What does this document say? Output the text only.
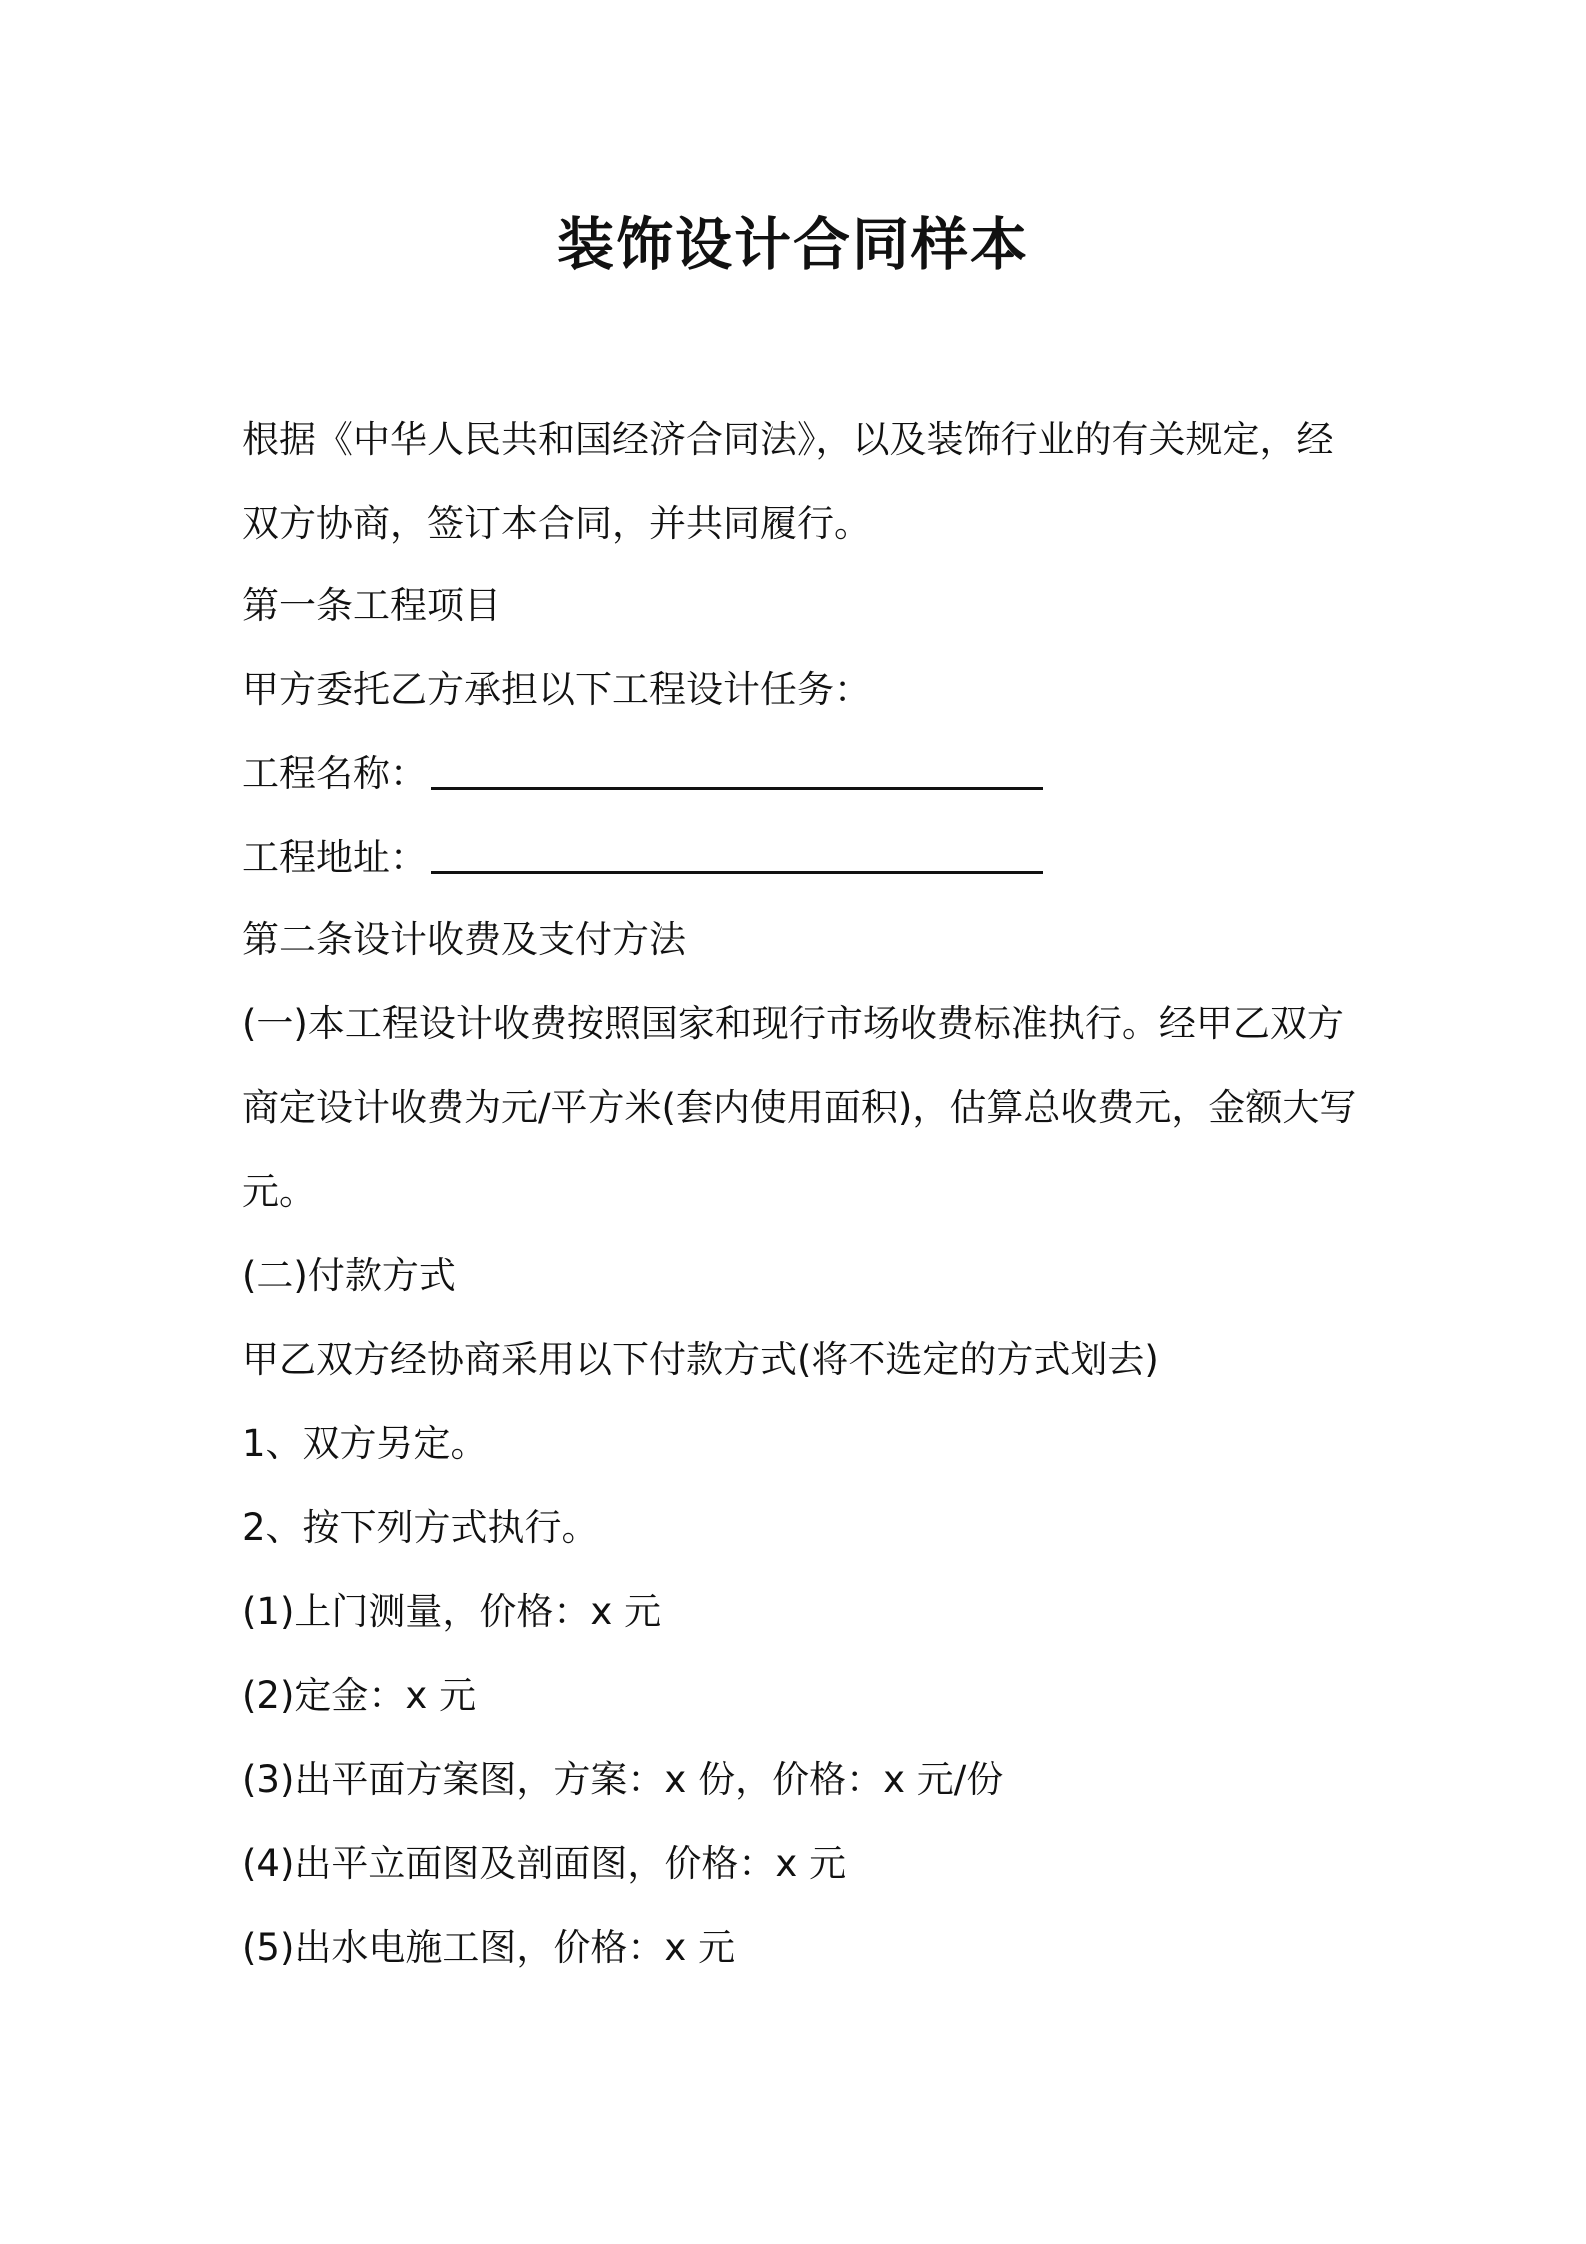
装饰设计合同样本
根据《中华人民共和国经济合同法》，以及装饰行业的有关规定，经
双方协商，签订本合同，并共同履行。
第一条工程项目
甲方委托乙方承担以下工程设计任务：
工程名称：
工程地址：
第二条设计收费及支付方法
(一)本工程设计收费按照国家和现行市场收费标准执行。经甲乙双方
商定设计收费为元/平方米(套内使用面积)，估算总收费元，金额大写
元。
(二)付款方式
甲乙双方经协商采用以下付款方式(将不选定的方式划去)
1、双方另定。
2、按下列方式执行。
(1)上门测量，价格：x 元
(2)定金：x 元
(3)出平面方案图，方案：x 份，价格：x 元/份
(4)出平立面图及剖面图，价格：x 元
(5)出水电施工图，价格：x 元
